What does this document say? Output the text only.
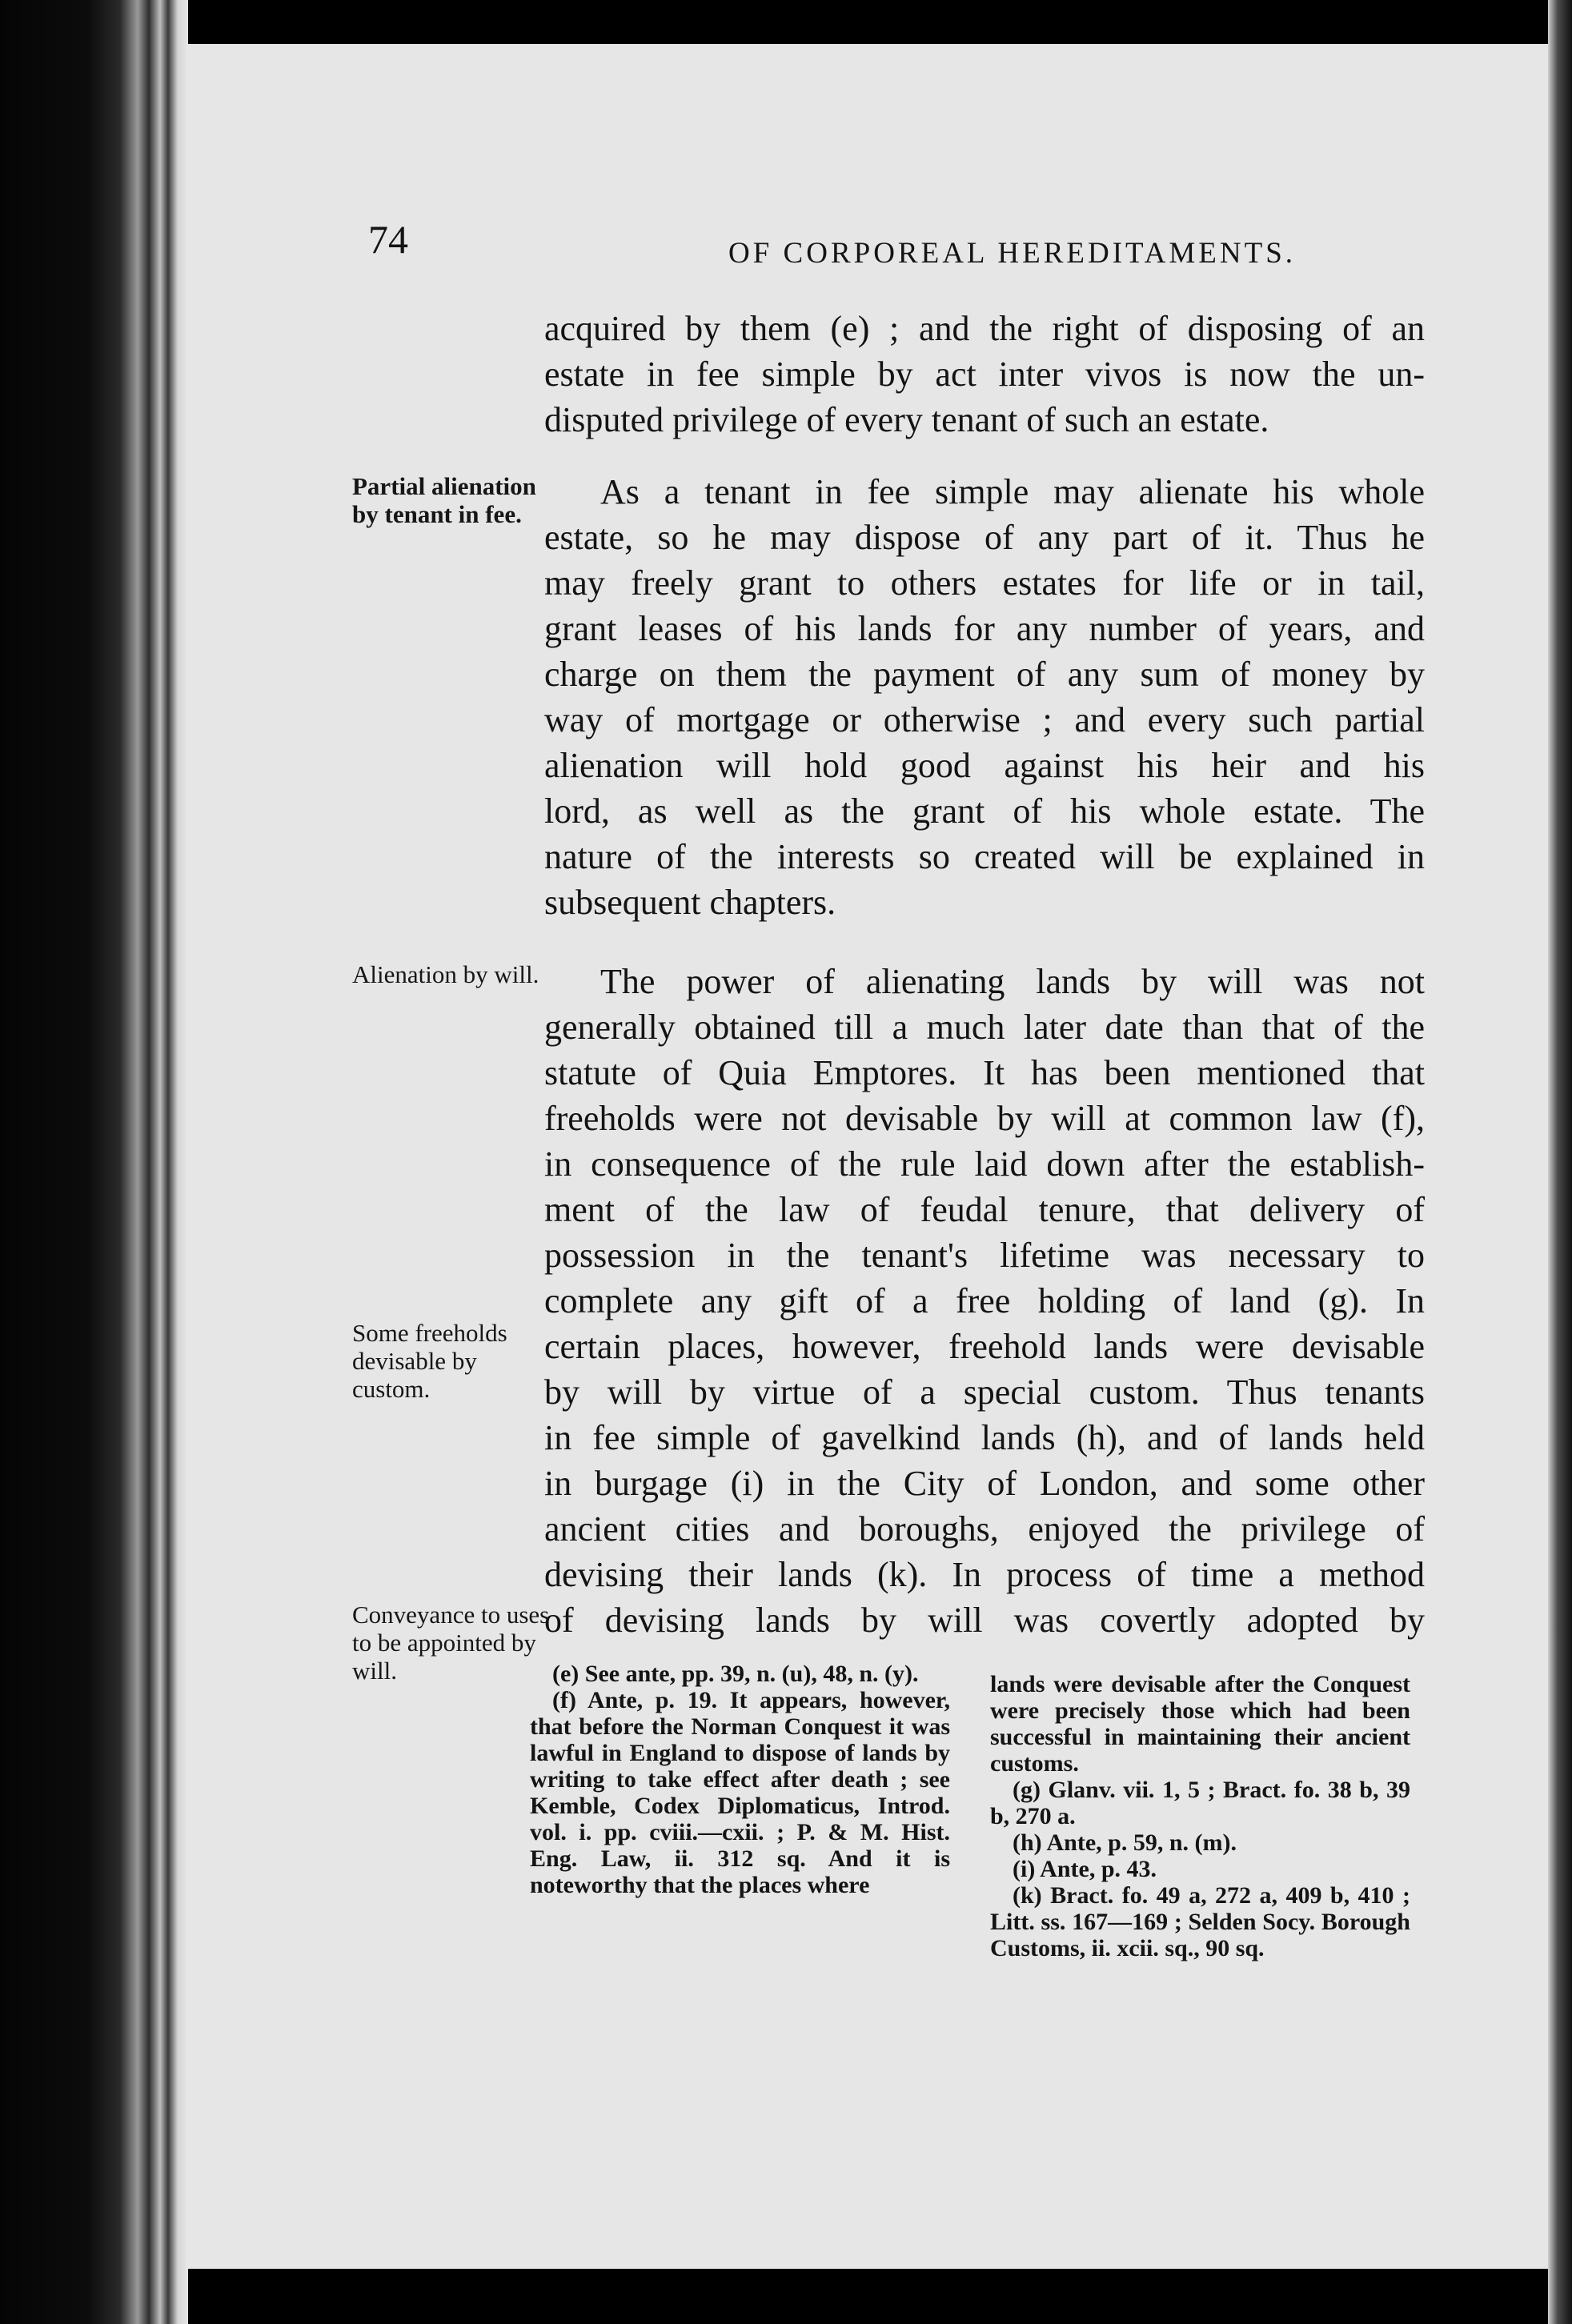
74	OF CORPOREAL HEREDITAMENTS.

acquired by them (e) ; and the right of disposing of an
estate in fee simple by act inter vivos is now the un-
disputed privilege of every tenant of such an estate.

As a tenant in fee simple may alienate his whole
estate, so he may dispose of any part of it. Thus he
may freely grant to others estates for life or in tail,
grant leases of his lands for any number of years, and
charge on them the payment of any sum of money by
way of mortgage or otherwise ; and every such partial
alienation will hold good against his heir and his
lord, as well as the grant of his whole estate. The
nature of the interests so created will be explained in
subsequent chapters.

The power of alienating lands by will was not
generally obtained till a much later date than that of the
statute of Quia Emptores. It has been mentioned that
freeholds were not devisable by will at common law (f),
in consequence of the rule laid down after the establish-
ment of the law of feudal tenure, that delivery of
possession in the tenant's lifetime was necessary to
complete any gift of a free holding of land (g). In
certain places, however, freehold lands were devisable
by will by virtue of a special custom. Thus tenants
in fee simple of gavelkind lands (h), and of lands held
in burgage (i) in the City of London, and some other
ancient cities and boroughs, enjoyed the privilege of
devising their lands (k). In process of time a method
of devising lands by will was covertly adopted by

Partial alienation by tenant in fee.

Alienation by will.

Some freeholds devisable by custom.

Conveyance to uses to be appointed by will.	(e) See ante, pp. 39, n. (u), 48, n. (y).

(f) Ante, p. 19. It appears, however, that before the Norman Conquest it was lawful in England to dispose of lands by writing to take effect after death ; see Kemble, Codex Diplomaticus, Introd. vol. i. pp. cviii.—cxii. ; P. & M. Hist. Eng. Law, ii. 312 sq. And it is noteworthy that the places where

lands were devisable after the Conquest were precisely those which had been successful in maintaining their ancient customs.

(g) Glanv. vii. 1, 5 ; Bract. fo. 38 b, 39 b, 270 a.

(h) Ante, p. 59, n. (m).

(i) Ante, p. 43.

(k) Bract. fo. 49 a, 272 a, 409 b, 410 ; Litt. ss. 167—169 ; Selden Socy. Borough Customs, ii. xcii. sq., 90 sq.
